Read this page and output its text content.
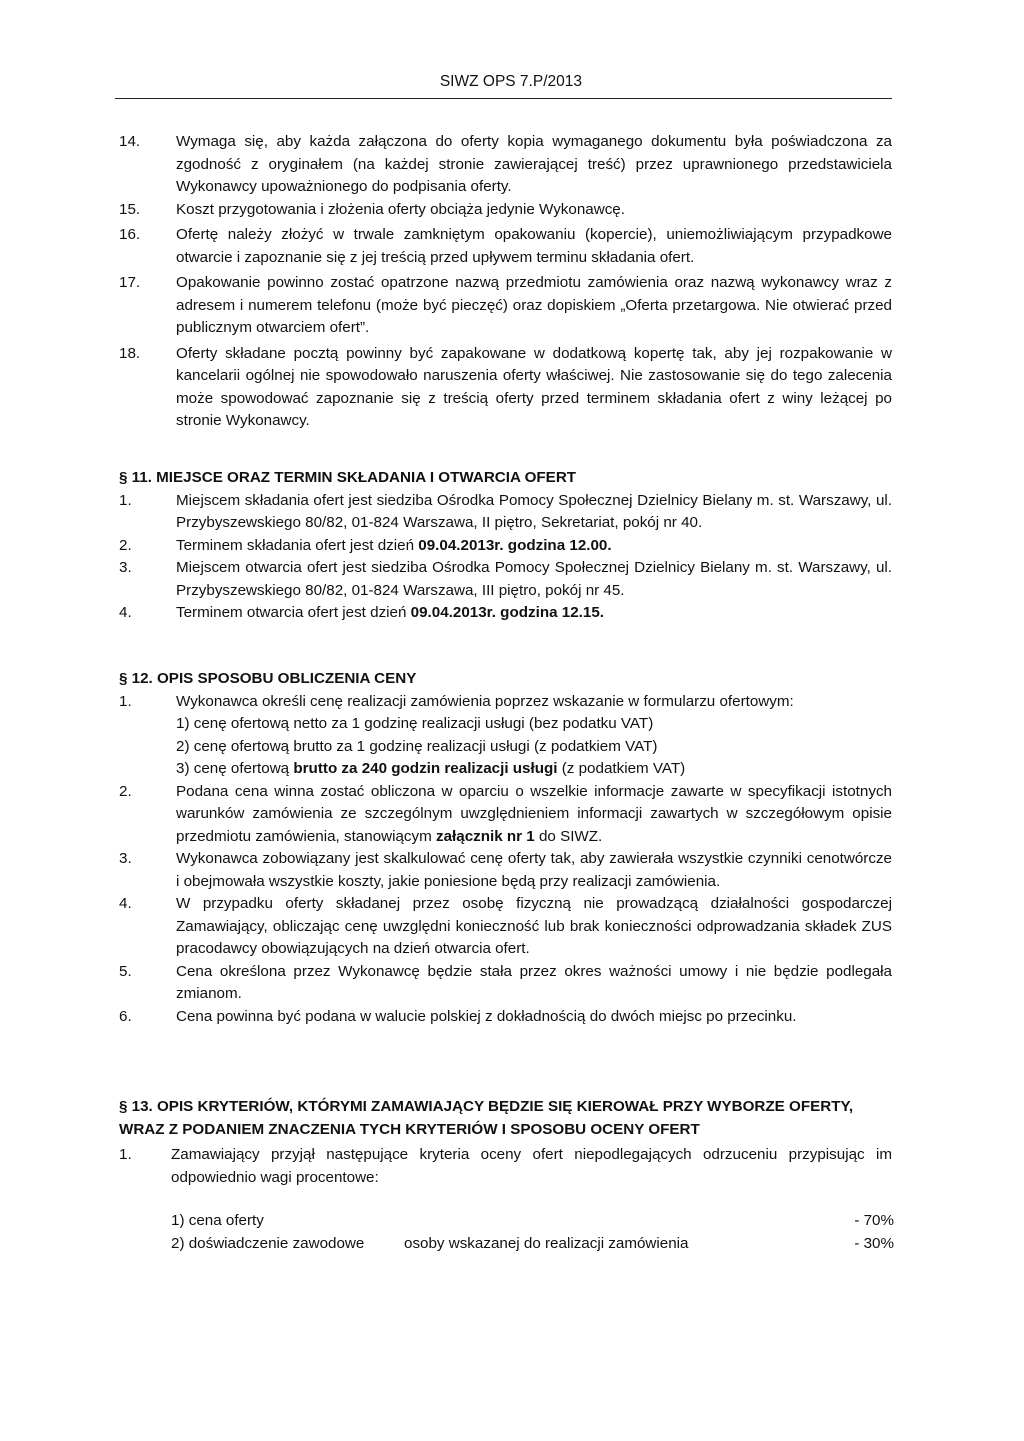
SIWZ OPS 7.P/2013
14.	Wymaga się, aby każda załączona do oferty kopia wymaganego dokumentu była poświadczona za zgodność z oryginałem (na każdej stronie zawierającej treść) przez uprawnionego przedstawiciela Wykonawcy upoważnionego do podpisania oferty.
15.	Koszt przygotowania i złożenia oferty obciąża jedynie Wykonawcę.
16.	Ofertę należy złożyć w trwale zamkniętym opakowaniu (kopercie), uniemożliwiającym przypadkowe otwarcie i zapoznanie się z jej treścią przed upływem terminu składania ofert.
17.	Opakowanie powinno zostać opatrzone nazwą przedmiotu zamówienia oraz nazwą wykonawcy wraz z adresem i numerem telefonu (może być pieczęć) oraz dopiskiem „Oferta przetargowa. Nie otwierać przed publicznym otwarciem ofert”.
18.	Oferty składane pocztą powinny być zapakowane w dodatkową kopertę tak, aby jej rozpakowanie w kancelarii ogólnej nie spowodowało naruszenia oferty właściwej. Nie zastosowanie się do tego zalecenia może spowodować zapoznanie się z treścią oferty przed terminem składania ofert z winy leżącej po stronie Wykonawcy.
§ 11. MIEJSCE ORAZ TERMIN SKŁADANIA I OTWARCIA OFERT
1.	Miejscem składania ofert jest siedziba Ośrodka Pomocy Społecznej Dzielnicy Bielany m. st. Warszawy, ul. Przybyszewskiego 80/82, 01-824 Warszawa, II piętro, Sekretariat, pokój nr 40.
2.	Terminem składania ofert jest dzień 09.04.2013r. godzina 12.00.
3.	Miejscem otwarcia ofert jest siedziba Ośrodka Pomocy Społecznej Dzielnicy Bielany m. st. Warszawy, ul. Przybyszewskiego 80/82, 01-824 Warszawa, III piętro, pokój nr 45.
4.	Terminem otwarcia ofert jest dzień 09.04.2013r. godzina 12.15.
§ 12. OPIS SPOSOBU OBLICZENIA CENY
1.	Wykonawca określi cenę realizacji zamówienia poprzez wskazanie w formularzu ofertowym:
1) cenę ofertową netto za 1 godzinę realizacji usługi (bez podatku VAT)
2) cenę ofertową brutto za 1 godzinę realizacji usługi (z podatkiem VAT)
3) cenę ofertową brutto za 240 godzin realizacji usługi (z podatkiem VAT)
2.	Podana cena winna zostać obliczona w oparciu o wszelkie informacje zawarte w specyfikacji istotnych warunków zamówienia ze szczególnym uwzględnieniem informacji zawartych w szczegółowym opisie przedmiotu zamówienia, stanowiącym załącznik nr 1 do SIWZ.
3.	Wykonawca zobowiązany jest skalkulować cenę oferty tak, aby zawierała wszystkie czynniki cenotwórcze i obejmowała wszystkie koszty, jakie poniesione będą przy realizacji zamówienia.
4.	W przypadku oferty składanej przez osobę fizyczną nie prowadzącą działalności gospodarczej Zamawiający, obliczając cenę uwzględni konieczność lub brak konieczności odprowadzania składek ZUS pracodawcy obowiązujących na dzień otwarcia ofert.
5.	Cena określona przez Wykonawcę będzie stała przez okres ważności umowy i nie będzie podlegała zmianom.
6.	Cena powinna być podana w walucie polskiej z dokładnością do dwóch miejsc po przecinku.
§ 13. OPIS KRYTERIÓW, KTÓRYMI ZAMAWIAJĄCY BĘDZIE SIĘ KIEROWAŁ PRZY WYBORZE OFERTY,
WRAZ Z PODANIEM ZNACZENIA TYCH KRYTERIÓW I SPOSOBU OCENY OFERT
1.	Zamawiający przyjął następujące kryteria oceny ofert niepodlegających odrzuceniu przypisując im odpowiednio wagi procentowe:
1) cena oferty	- 70%
2) doświadczenie zawodowe	osoby wskazanej do realizacji zamówienia	- 30%
